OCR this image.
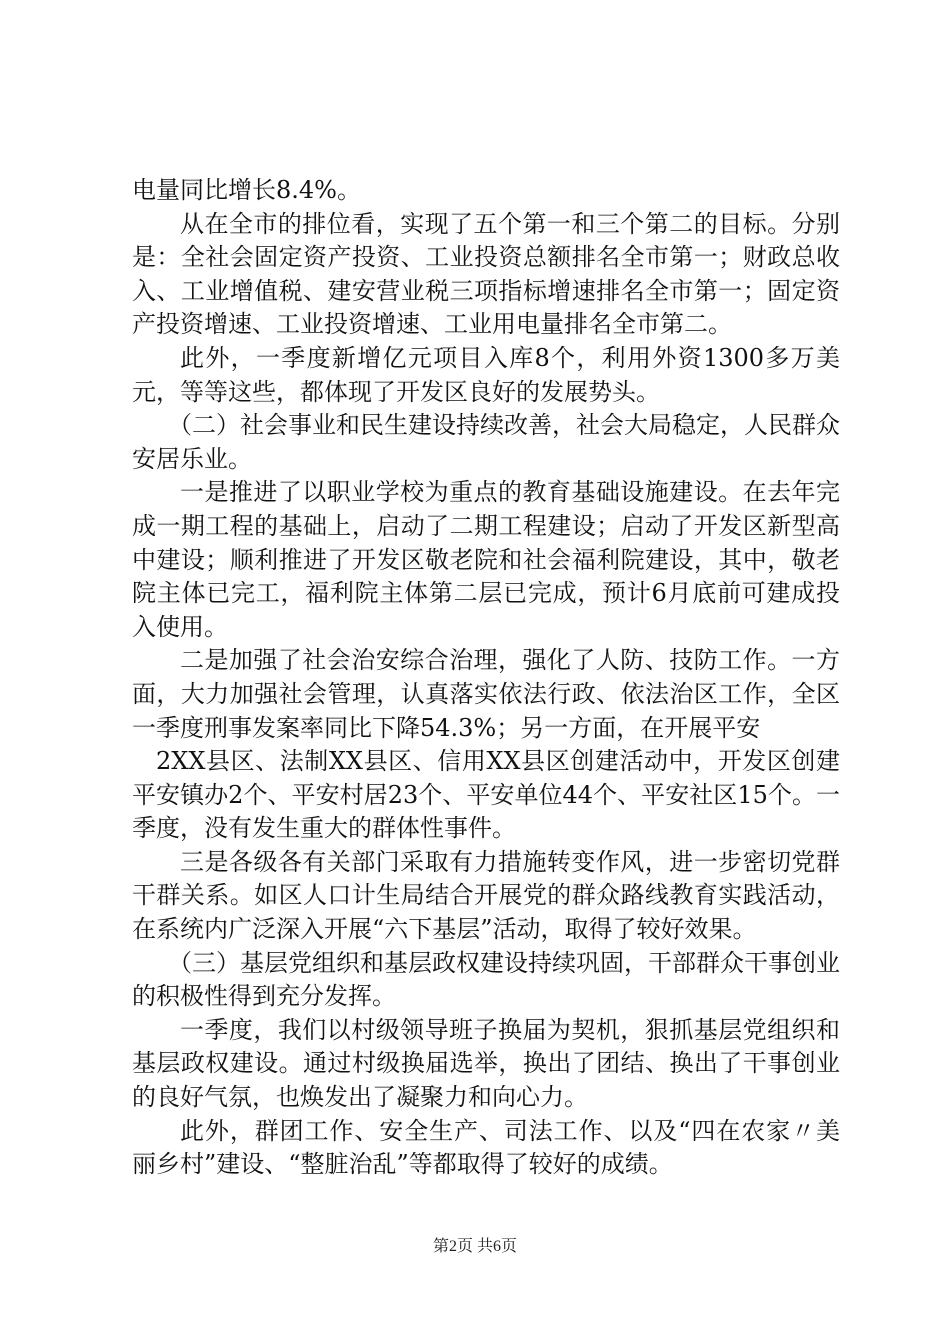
电量同比增长8.4%。

从在全市的排位看，实现了五个第一和三个第二的目标。分别是：全社会固定资产投资、工业投资总额排名全市第一；财政总收入、工业增值税、建安营业税三项指标增速排名全市第一；固定资产投资增速、工业投资增速、工业用电量排名全市第二。

此外，一季度新增亿元项目入库8个，利用外资1300多万美元，等等这些，都体现了开发区良好的发展势头。

（二）社会事业和民生建设持续改善，社会大局稳定，人民群众安居乐业。

一是推进了以职业学校为重点的教育基础设施建设。在去年完成一期工程的基础上，启动了二期工程建设；启动了开发区新型高中建设；顺利推进了开发区敬老院和社会福利院建设，其中，敬老院主体已完工，福利院主体第二层已完成，预计6月底前可建成投入使用。

二是加强了社会治安综合治理，强化了人防、技防工作。一方面，大力加强社会管理，认真落实依法行政、依法治区工作，全区一季度刑事发案率同比下降54.3%；另一方面，在开展平安

2XX县区、法制XX县区、信用XX县区创建活动中，开发区创建平安镇办2个、平安村居23个、平安单位44个、平安社区15个。一季度，没有发生重大的群体性事件。

三是各级各有关部门采取有力措施转变作风，进一步密切党群干群关系。如区人口计生局结合开展党的群众路线教育实践活动，在系统内广泛深入开展“六下基层”活动，取得了较好效果。

（三）基层党组织和基层政权建设持续巩固，干部群众干事创业的积极性得到充分发挥。

一季度，我们以村级领导班子换届为契机，狠抓基层党组织和基层政权建设。通过村级换届选举，换出了团结、换出了干事创业的良好气氛，也焕发出了凝聚力和向心力。

此外，群团工作、安全生产、司法工作、以及“四在农家〃美丽乡村”建设、“整脏治乱”等都取得了较好的成绩。

第2页 共6页
